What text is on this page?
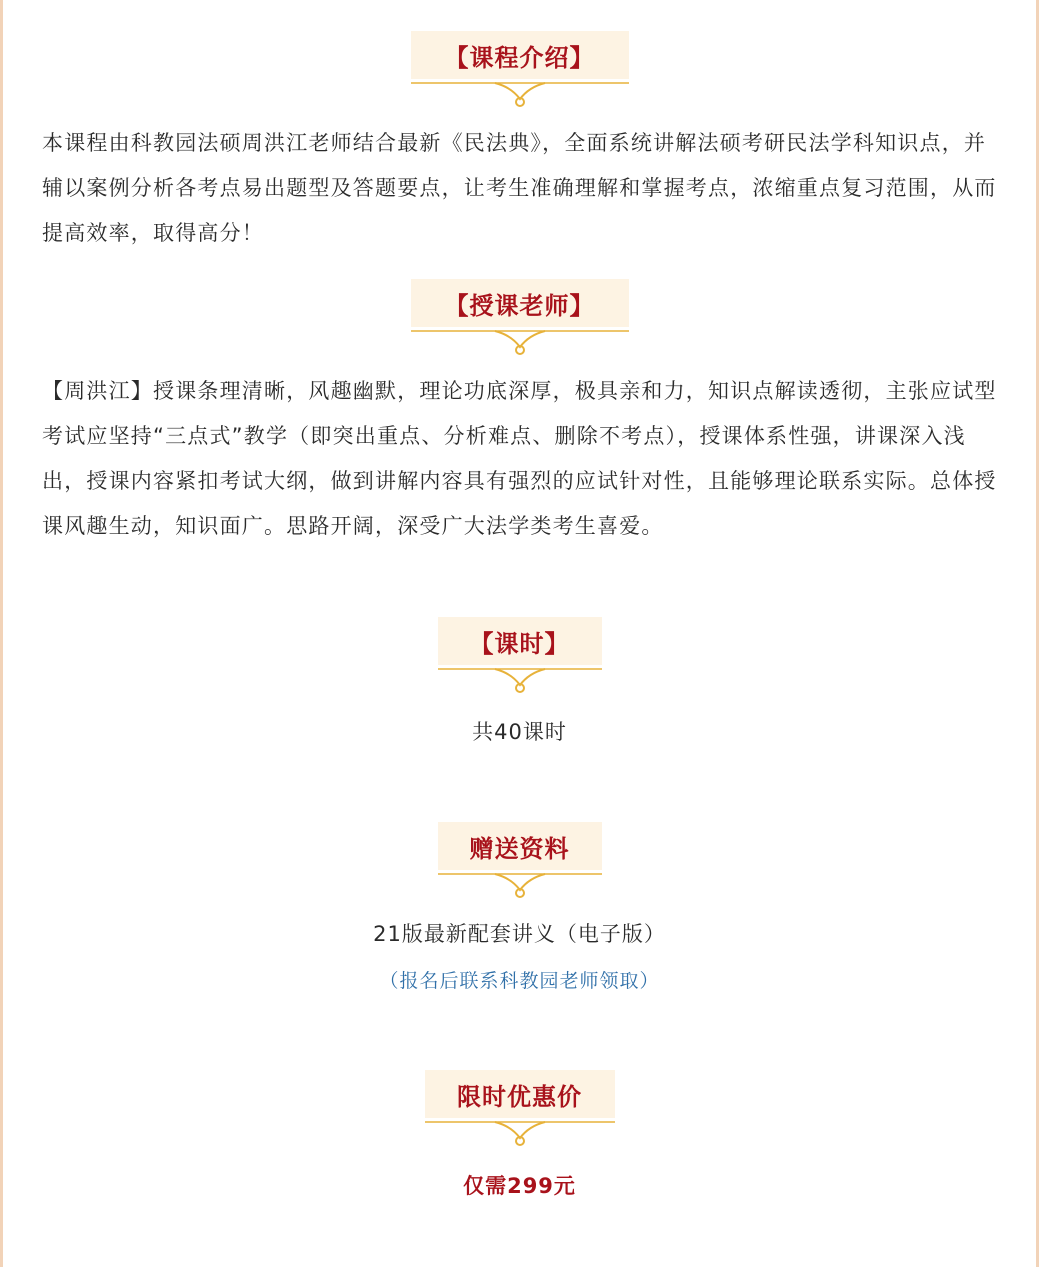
【课程介绍】

本课程由科教园法硕周洪江老师结合最新《民法典》，全面系统讲解法硕考研民法学科知识点，并辅以案例分析各考点易出题型及答题要点，让考生准确理解和掌握考点，浓缩重点复习范围，从而提高效率，取得高分！

【授课老师】

【周洪江】授课条理清晰，风趣幽默，理论功底深厚，极具亲和力，知识点解读透彻，主张应试型考试应坚持“三点式”教学（即突出重点、分析难点、删除不考点），授课体系性强，讲课深入浅出，授课内容紧扣考试大纲，做到讲解内容具有强烈的应试针对性，且能够理论联系实际。总体授课风趣生动，知识面广。思路开阔，深受广大法学类考生喜爱。

【课时】

共40课时

赠送资料

21版最新配套讲义（电子版）

（报名后联系科教园老师领取）

限时优惠价

仅需299元
